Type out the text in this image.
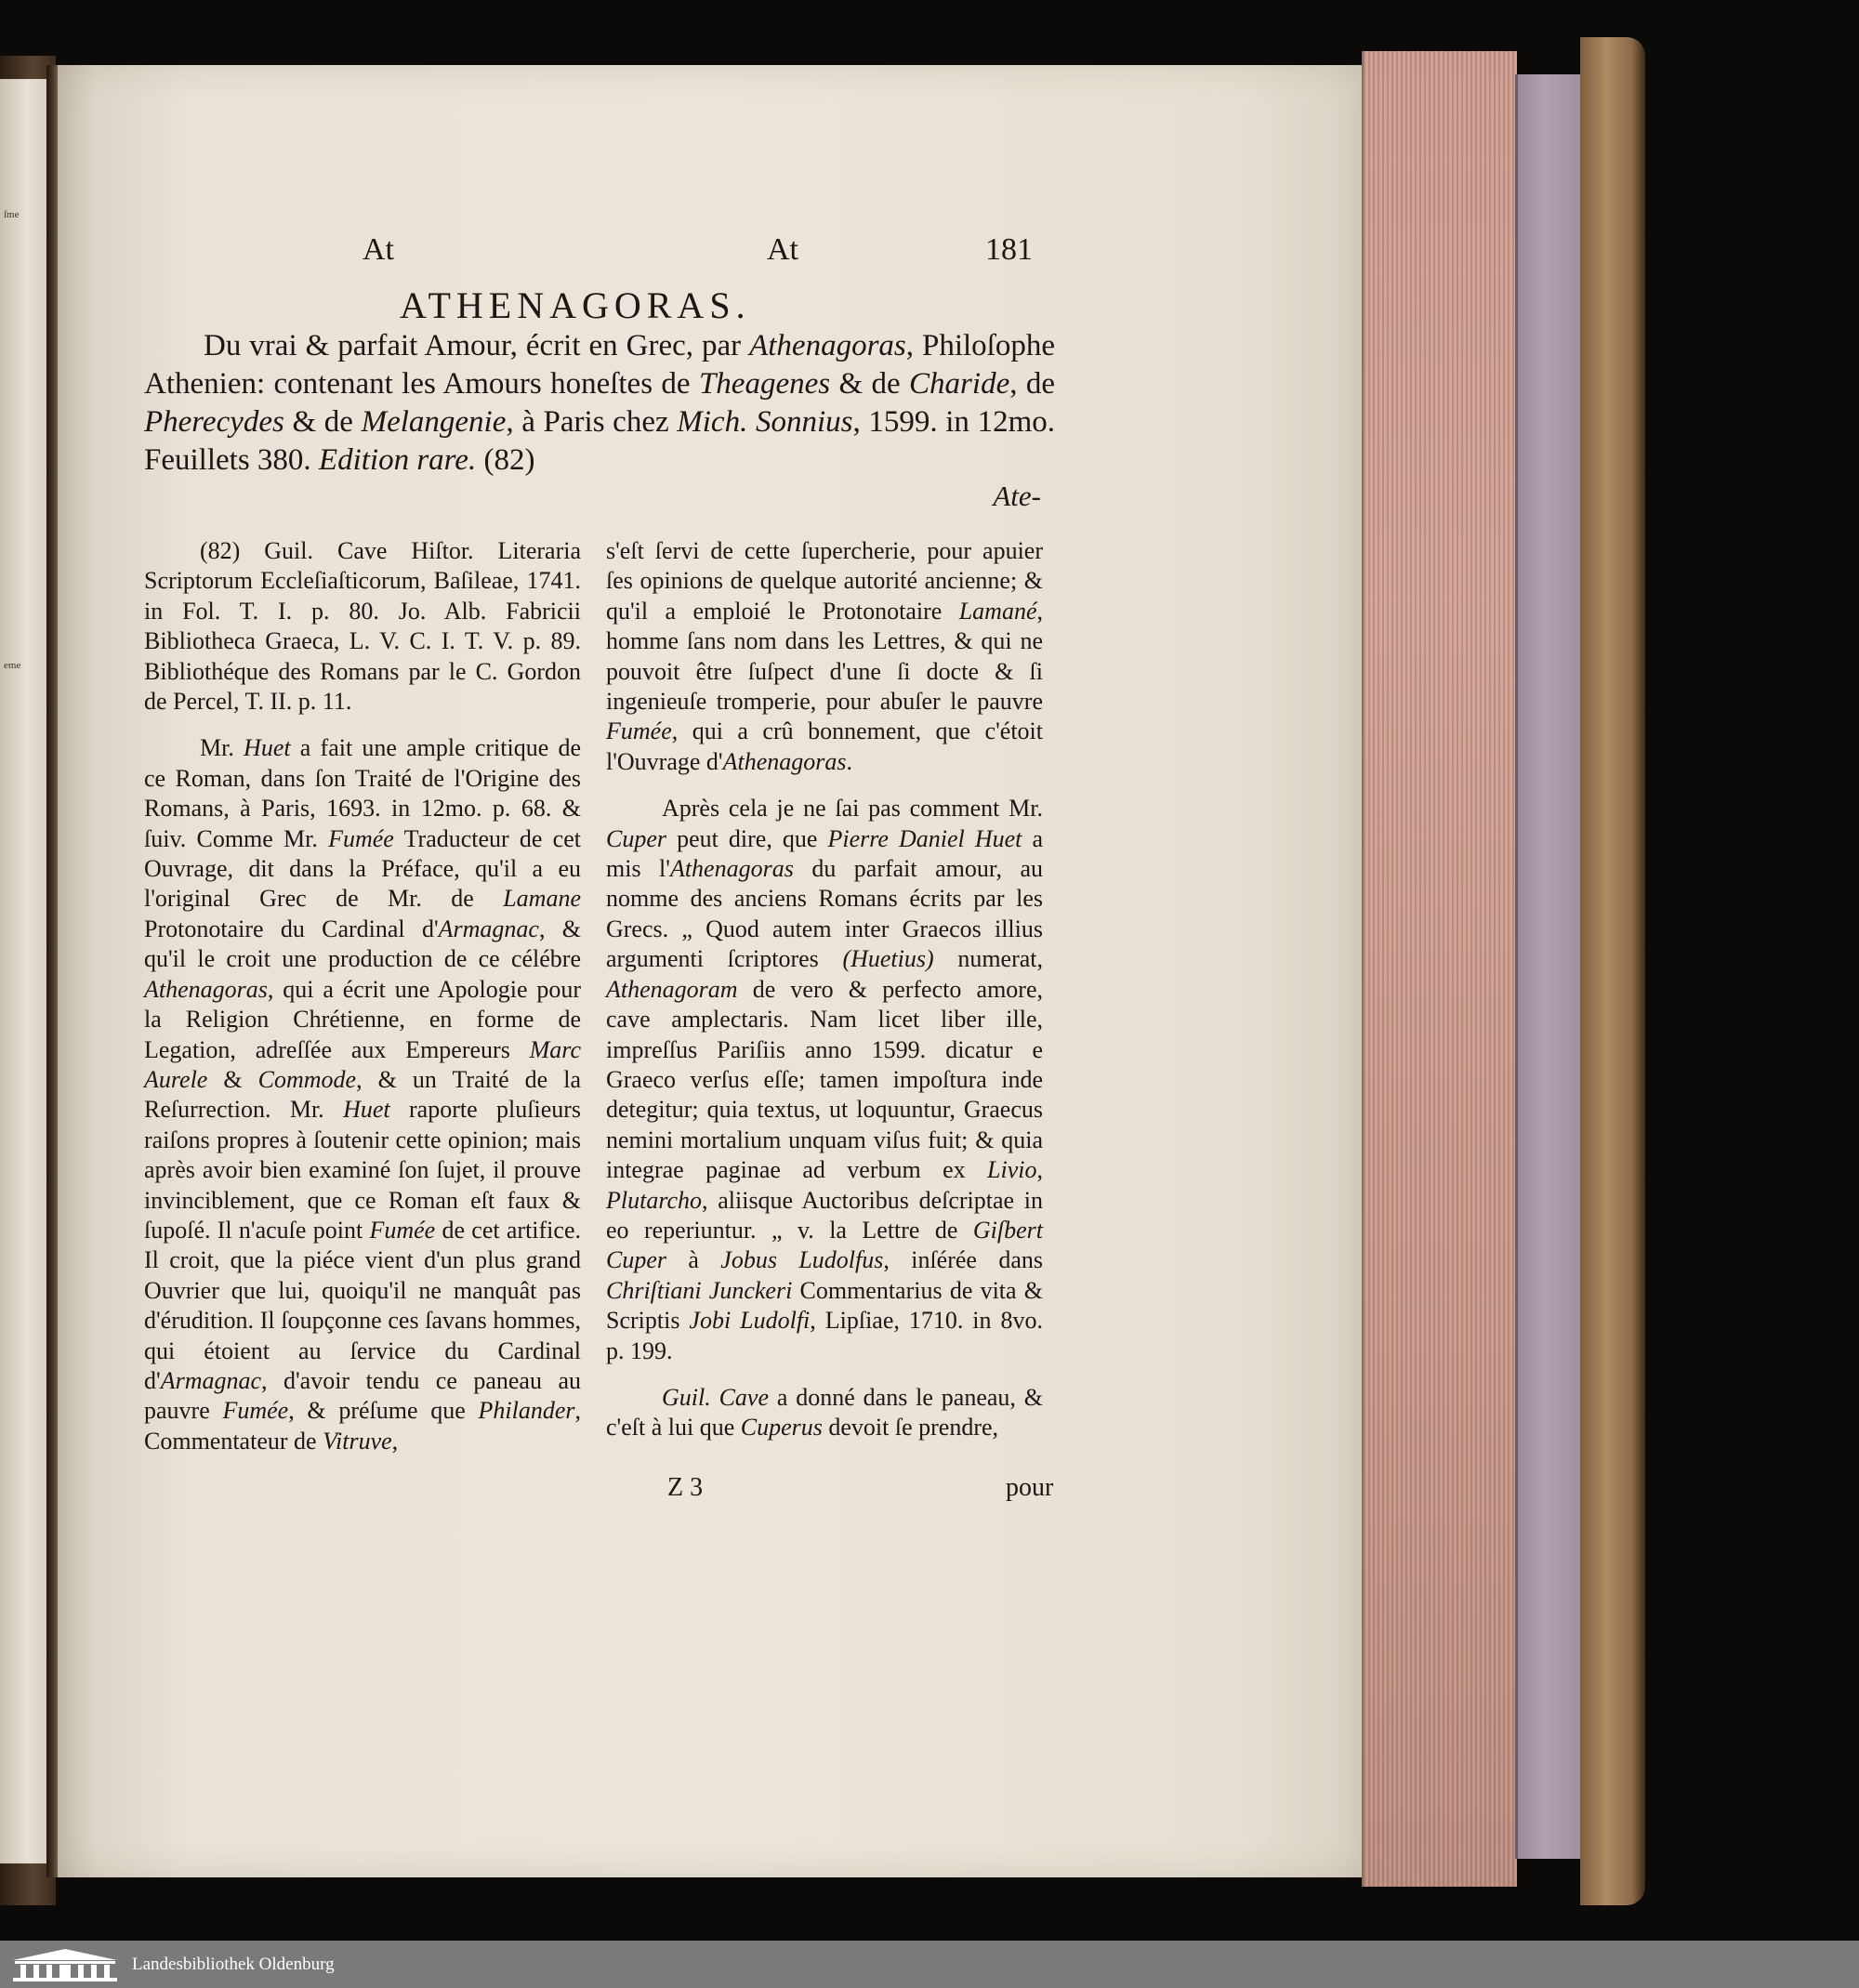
ſme
eme
At	At	181
ATHENAGORAS.
Du vrai & parfait Amour, écrit en Grec, par Athenagoras, Philoſophe Athenien: contenant les Amours honeſtes de Theagenes & de Charide, de Pherecydes & de Melangenie, à Paris chez Mich. Sonnius, 1599. in 12mo. Feuillets 380. Edition rare. (82)
Ate-

(82) Guil. Cave Hiſtor. Literaria Scriptorum Eccleſiaſticorum, Baſileae, 1741. in Fol. T. I. p. 80. Jo. Alb. Fabricii Bibliotheca Graeca, L. V. C. I. T. V. p. 89. Bibliothéque des Romans par le C. Gordon de Percel, T. II. p. 11.

Mr. Huet a fait une ample critique de ce Roman, dans ſon Traité de l'Origine des Romans, à Paris, 1693. in 12mo. p. 68. & ſuiv. Comme Mr. Fumée Traducteur de cet Ouvrage, dit dans la Préface, qu'il a eu l'original Grec de Mr. de Lamane Protonotaire du Cardinal d'Armagnac, & qu'il le croit une production de ce célébre Athenagoras, qui a écrit une Apologie pour la Religion Chrétienne, en forme de Legation, adreſſée aux Empereurs Marc Aurele & Commode, & un Traité de la Reſurrection. Mr. Huet raporte pluſieurs raiſons propres à ſoutenir cette opinion; mais après avoir bien examiné ſon ſujet, il prouve invinciblement, que ce Roman eſt faux & ſupoſé. Il n'acuſe point Fumée de cet artifice. Il croit, que la piéce vient d'un plus grand Ouvrier que lui, quoiqu'il ne manquât pas d'érudition. Il ſoupçonne ces ſavans hommes, qui étoient au ſervice du Cardinal d'Armagnac, d'avoir tendu ce paneau au pauvre Fumée, & préſume que Philander, Commentateur de Vitruve,

s'eſt ſervi de cette ſupercherie, pour apuier ſes opinions de quelque autorité ancienne; & qu'il a emploié le Protonotaire Lamané, homme ſans nom dans les Lettres, & qui ne pouvoit être ſuſpect d'une ſi docte & ſi ingenieuſe tromperie, pour abuſer le pauvre Fumée, qui a crû bonnement, que c'étoit l'Ouvrage d'Athenagoras.

Après cela je ne ſai pas comment Mr. Cuper peut dire, que Pierre Daniel Huet a mis l'Athenagoras du parfait amour, au nomme des anciens Romans écrits par les Grecs. „ Quod autem inter Graecos illius argumenti ſcriptores (Huetius) numerat, Athenagoram de vero & perfecto amore, cave amplectaris. Nam licet liber ille, impreſſus Pariſiis anno 1599. dicatur e Graeco verſus eſſe; tamen impoſtura inde detegitur; quia textus, ut loquuntur, Graecus nemini mortalium unquam viſus fuit; & quia integrae paginae ad verbum ex Livio, Plutarcho, aliisque Auctoribus deſcriptae in eo reperiuntur. „ v. la Lettre de Giſbert Cuper à Jobus Ludolfus, inſérée dans Chriſtiani Junckeri Commentarius de vita & Scriptis Jobi Ludolfi, Lipſiae, 1710. in 8vo. p. 199.

Guil. Cave a donné dans le paneau, & c'eſt à lui que Cuperus devoit ſe prendre,

Z 3	pour
Landesbibliothek Oldenburg
